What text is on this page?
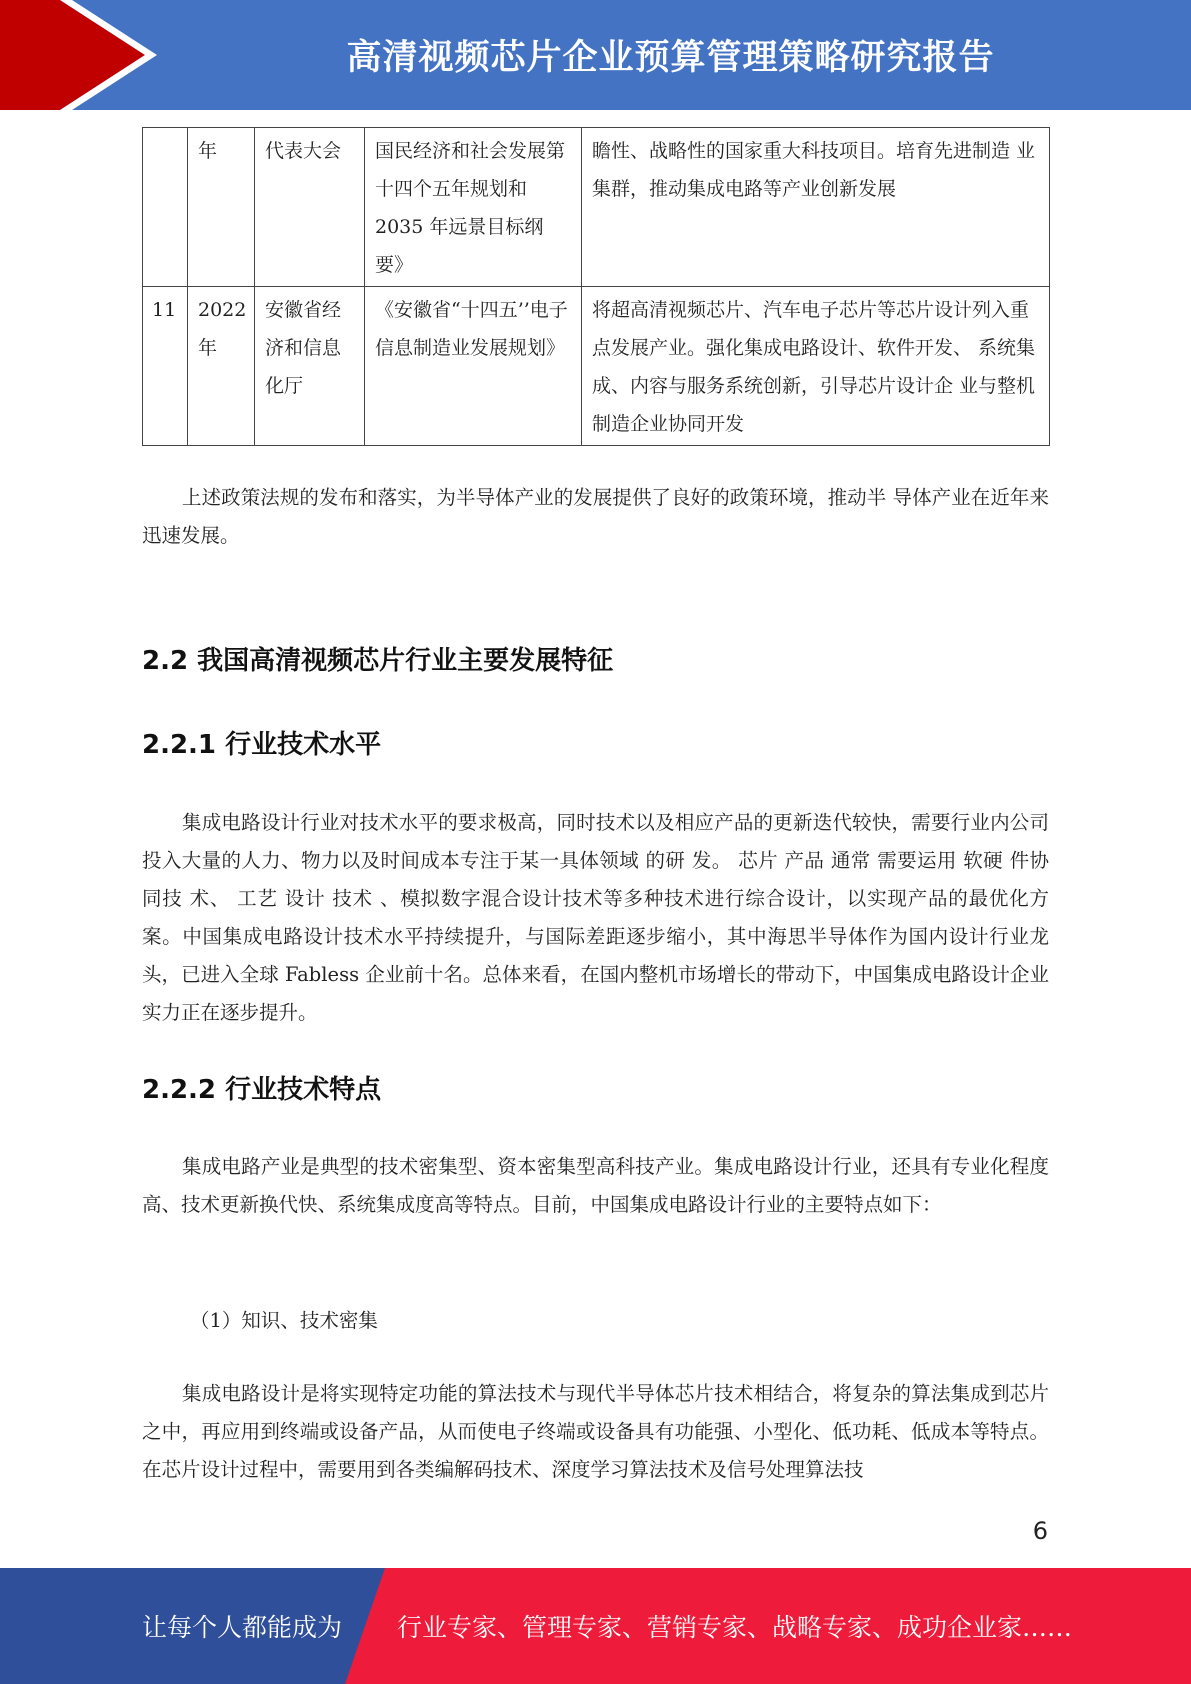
高清视频芯片企业预算管理策略研究报告
	年	代表大会	国民经济和社会发展第十四个五年规划和 2035 年远景目标纲要》	瞻性、战略性的国家重大科技项目。培育先进制造 业集群，推动集成电路等产业创新发展
11	2022 年	安徽省经济和信息化厅	《安徽省“十四五’’电子信息制造业发展规划》	将超高清视频芯片、汽车电子芯片等芯片设计列入重点发展产业。强化集成电路设计、软件开发、 系统集成、内容与服务系统创新，引导芯片设计企 业与整机制造企业协同开发

上述政策法规的发布和落实，为半导体产业的发展提供了良好的政策环境，推动半 导体产业在近年来迅速发展。

2.2 我国高清视频芯片行业主要发展特征
2.2.1 行业技术水平

集成电路设计行业对技术水平的要求极高，同时技术以及相应产品的更新迭代较快，需要行业内公司投入大量的人力、物力以及时间成本专注于某一具体领域 的研 发。 芯片 产品 通常 需要运用 软硬 件协 同技 术、 工艺 设计 技术 、模拟数字混合设计技术等多种技术进行综合设计，以实现产品的最优化方案。中国集成电路设计技术水平持续提升，与国际差距逐步缩小，其中海思半导体作为国内设计行业龙头，已进入全球 Fabless 企业前十名。总体来看，在国内整机市场增长的带动下，中国集成电路设计企业实力正在逐步提升。

2.2.2 行业技术特点

集成电路产业是典型的技术密集型、资本密集型高科技产业。集成电路设计行业，还具有专业化程度高、技术更新换代快、系统集成度高等特点。目前，中国集成电路设计行业的主要特点如下：

（1）知识、技术密集

集成电路设计是将实现特定功能的算法技术与现代半导体芯片技术相结合，将复杂的算法集成到芯片之中，再应用到终端或设备产品，从而使电子终端或设备具有功能强、小型化、低功耗、低成本等特点。在芯片设计过程中，需要用到各类编解码技术、深度学习算法技术及信号处理算法技

6
让每个人都能成为 行业专家、管理专家、营销专家、战略专家、成功企业家……
